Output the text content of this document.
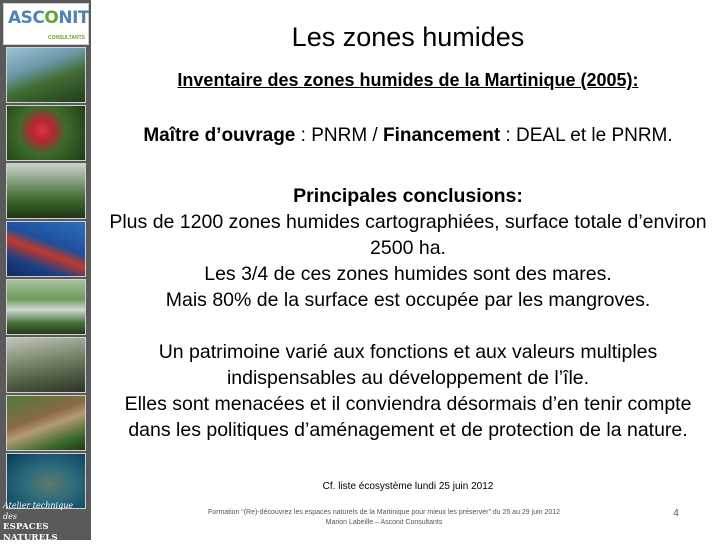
ASCONIT
CONSULTANTS
Atelier technique des
ESPACES NATURELS
Les zones humides
Inventaire des zones humides de la Martinique (2005):
Maître d’ouvrage : PNRM / Financement : DEAL et le PNRM.
Principales conclusions:
Plus de 1200 zones humides cartographiées, surface totale d’environ 2500 ha.
Les 3/4 de ces zones humides sont des mares.
Mais 80% de la surface est occupée par les mangroves.
Un patrimoine varié aux fonctions et aux valeurs multiples indispensables au développement de l’île.
Elles sont menacées et il conviendra désormais d’en tenir compte dans les politiques d’aménagement et de protection de la nature.
Cf. liste écosystème lundi 25 juin 2012
Formation “(Re)-découvrez les espaces naturels de la Martinique pour mieux les préserver” du 25 au 29 juin 2012
Marion Labeille – Asconit Consultants
4
